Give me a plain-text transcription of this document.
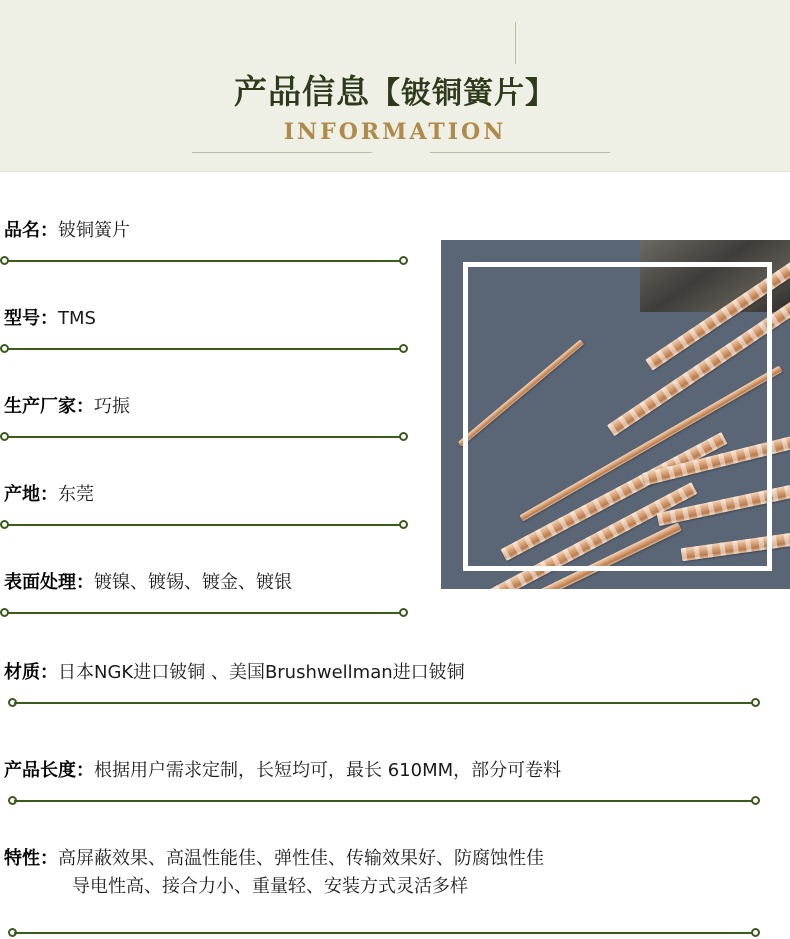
产品信息【铍铜簧片】
INFORMATION
品名：铍铜簧片
型号：TMS
生产厂家：巧振
产地：东莞
表面处理：镀镍、镀锡、镀金、镀银
材质：日本NGK进口铍铜 、美国Brushwellman进口铍铜
产品长度：根据用户需求定制，长短均可，最长 610MM，部分可卷料
特性：高屏蔽效果、高温性能佳、弹性佳、传输效果好、防腐蚀性佳
导电性高、接合力小、重量轻、安装方式灵活多样
